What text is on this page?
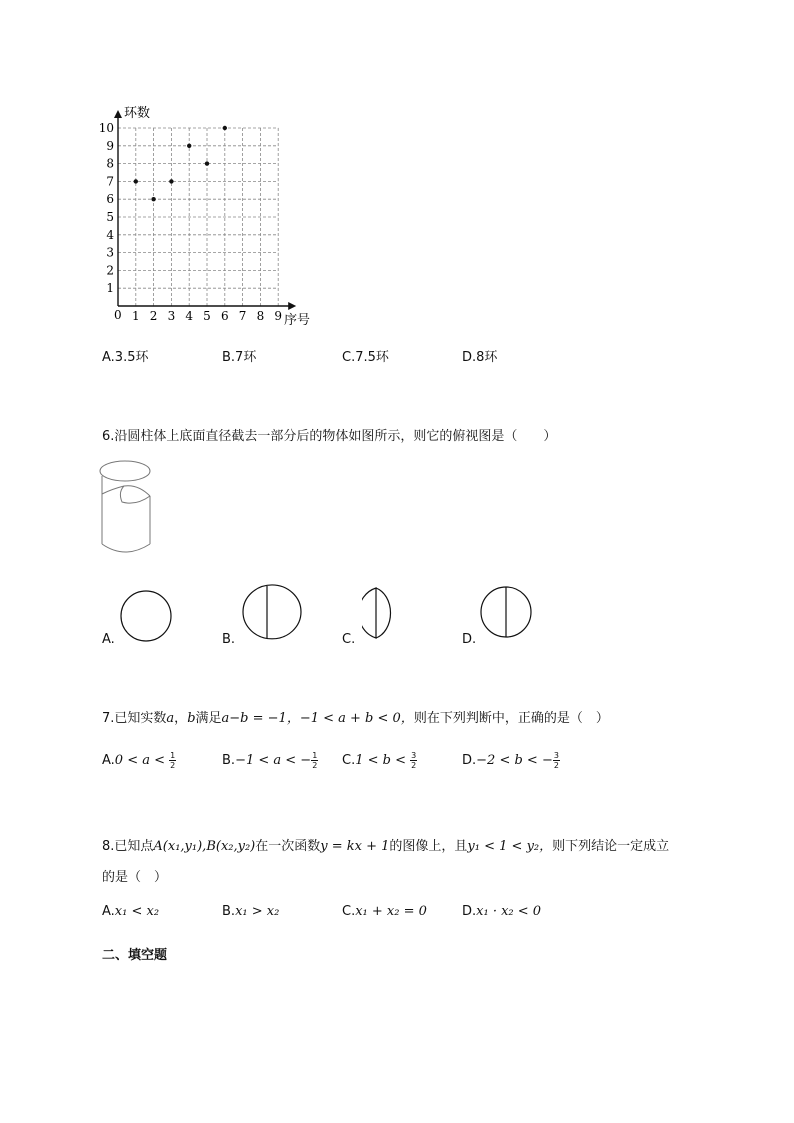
1 2 3 4 5 6 7 8 9
1
2
3
4
5
6
7
8
9
10
环数
序号
0
A.3.5环	B.7环	C.7.5环	D.8环
6.沿圆柱体上底面直径截去一部分后的物体如图所示，则它的俯视图是（　　）
A.	B.	C.	D.
7.已知实数a，b满足a−b = −1，−1 < a + b < 0，则在下列判断中，正确的是（　）
$A.0 < a < \frac{1}{2}$	B.−1 < a < − $\frac{1}{2} C.1 < b < \frac{3}{2}$	D.−2 < b < − $\frac{3}{2}$
8.已知点A(x₁,y₁),B(x₂,y₂)在一次函数y = kx + 1的图像上，且y₁ < 1 < y₂，则下列结论一定成立
的是（　）
A.x₁ < x₂	B.x₁ > x₂	C.x₁ + x₂ = 0	D.x₁ · x₂ < 0
二、填空题
